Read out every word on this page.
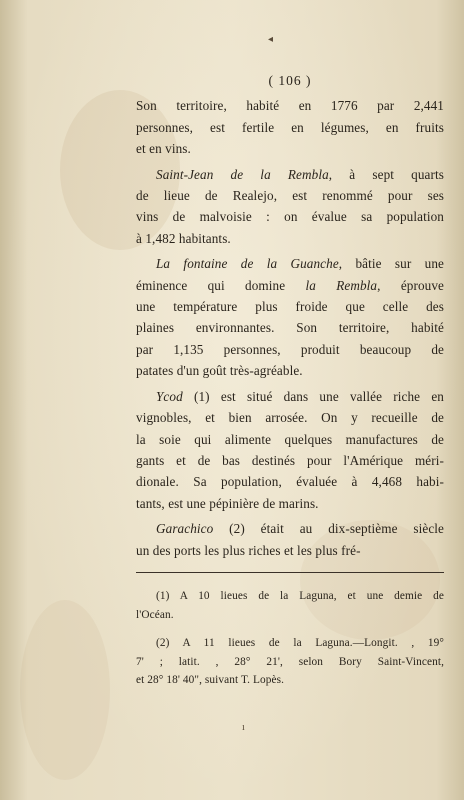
◂
ı
( 106 )
Son territoire, habité en 1776 par 2,441
personnes, est fertile en légumes, en fruits
et en vins.
Saint-Jean de la Rembla, à sept quarts
de lieue de Realejo, est renommé pour ses
vins de malvoisie : on évalue sa population
à 1,482 habitants.
La fontaine de la Guanche, bâtie sur une
éminence qui domine la Rembla, éprouve
une température plus froide que celle des
plaines environnantes. Son territoire, habité
par 1,135 personnes, produit beaucoup de
patates d'un goût très-agréable.
Ycod (1) est situé dans une vallée riche en
vignobles, et bien arrosée. On y recueille de
la soie qui alimente quelques manufactures de
gants et de bas destinés pour l'Amérique méri-
dionale. Sa population, évaluée à 4,468 habi-
tants, est une pépinière de marins.
Garachico (2) était au dix-septième siècle
un des ports les plus riches et les plus fré-
(1) A 10 lieues de la Laguna, et une demie de
l'Océan.
(2) A 11 lieues de la Laguna.—Longit. , 19°
7' ; latit. , 28° 21', selon Bory Saint-Vincent,
et 28° 18' 40", suivant T. Lopès.
